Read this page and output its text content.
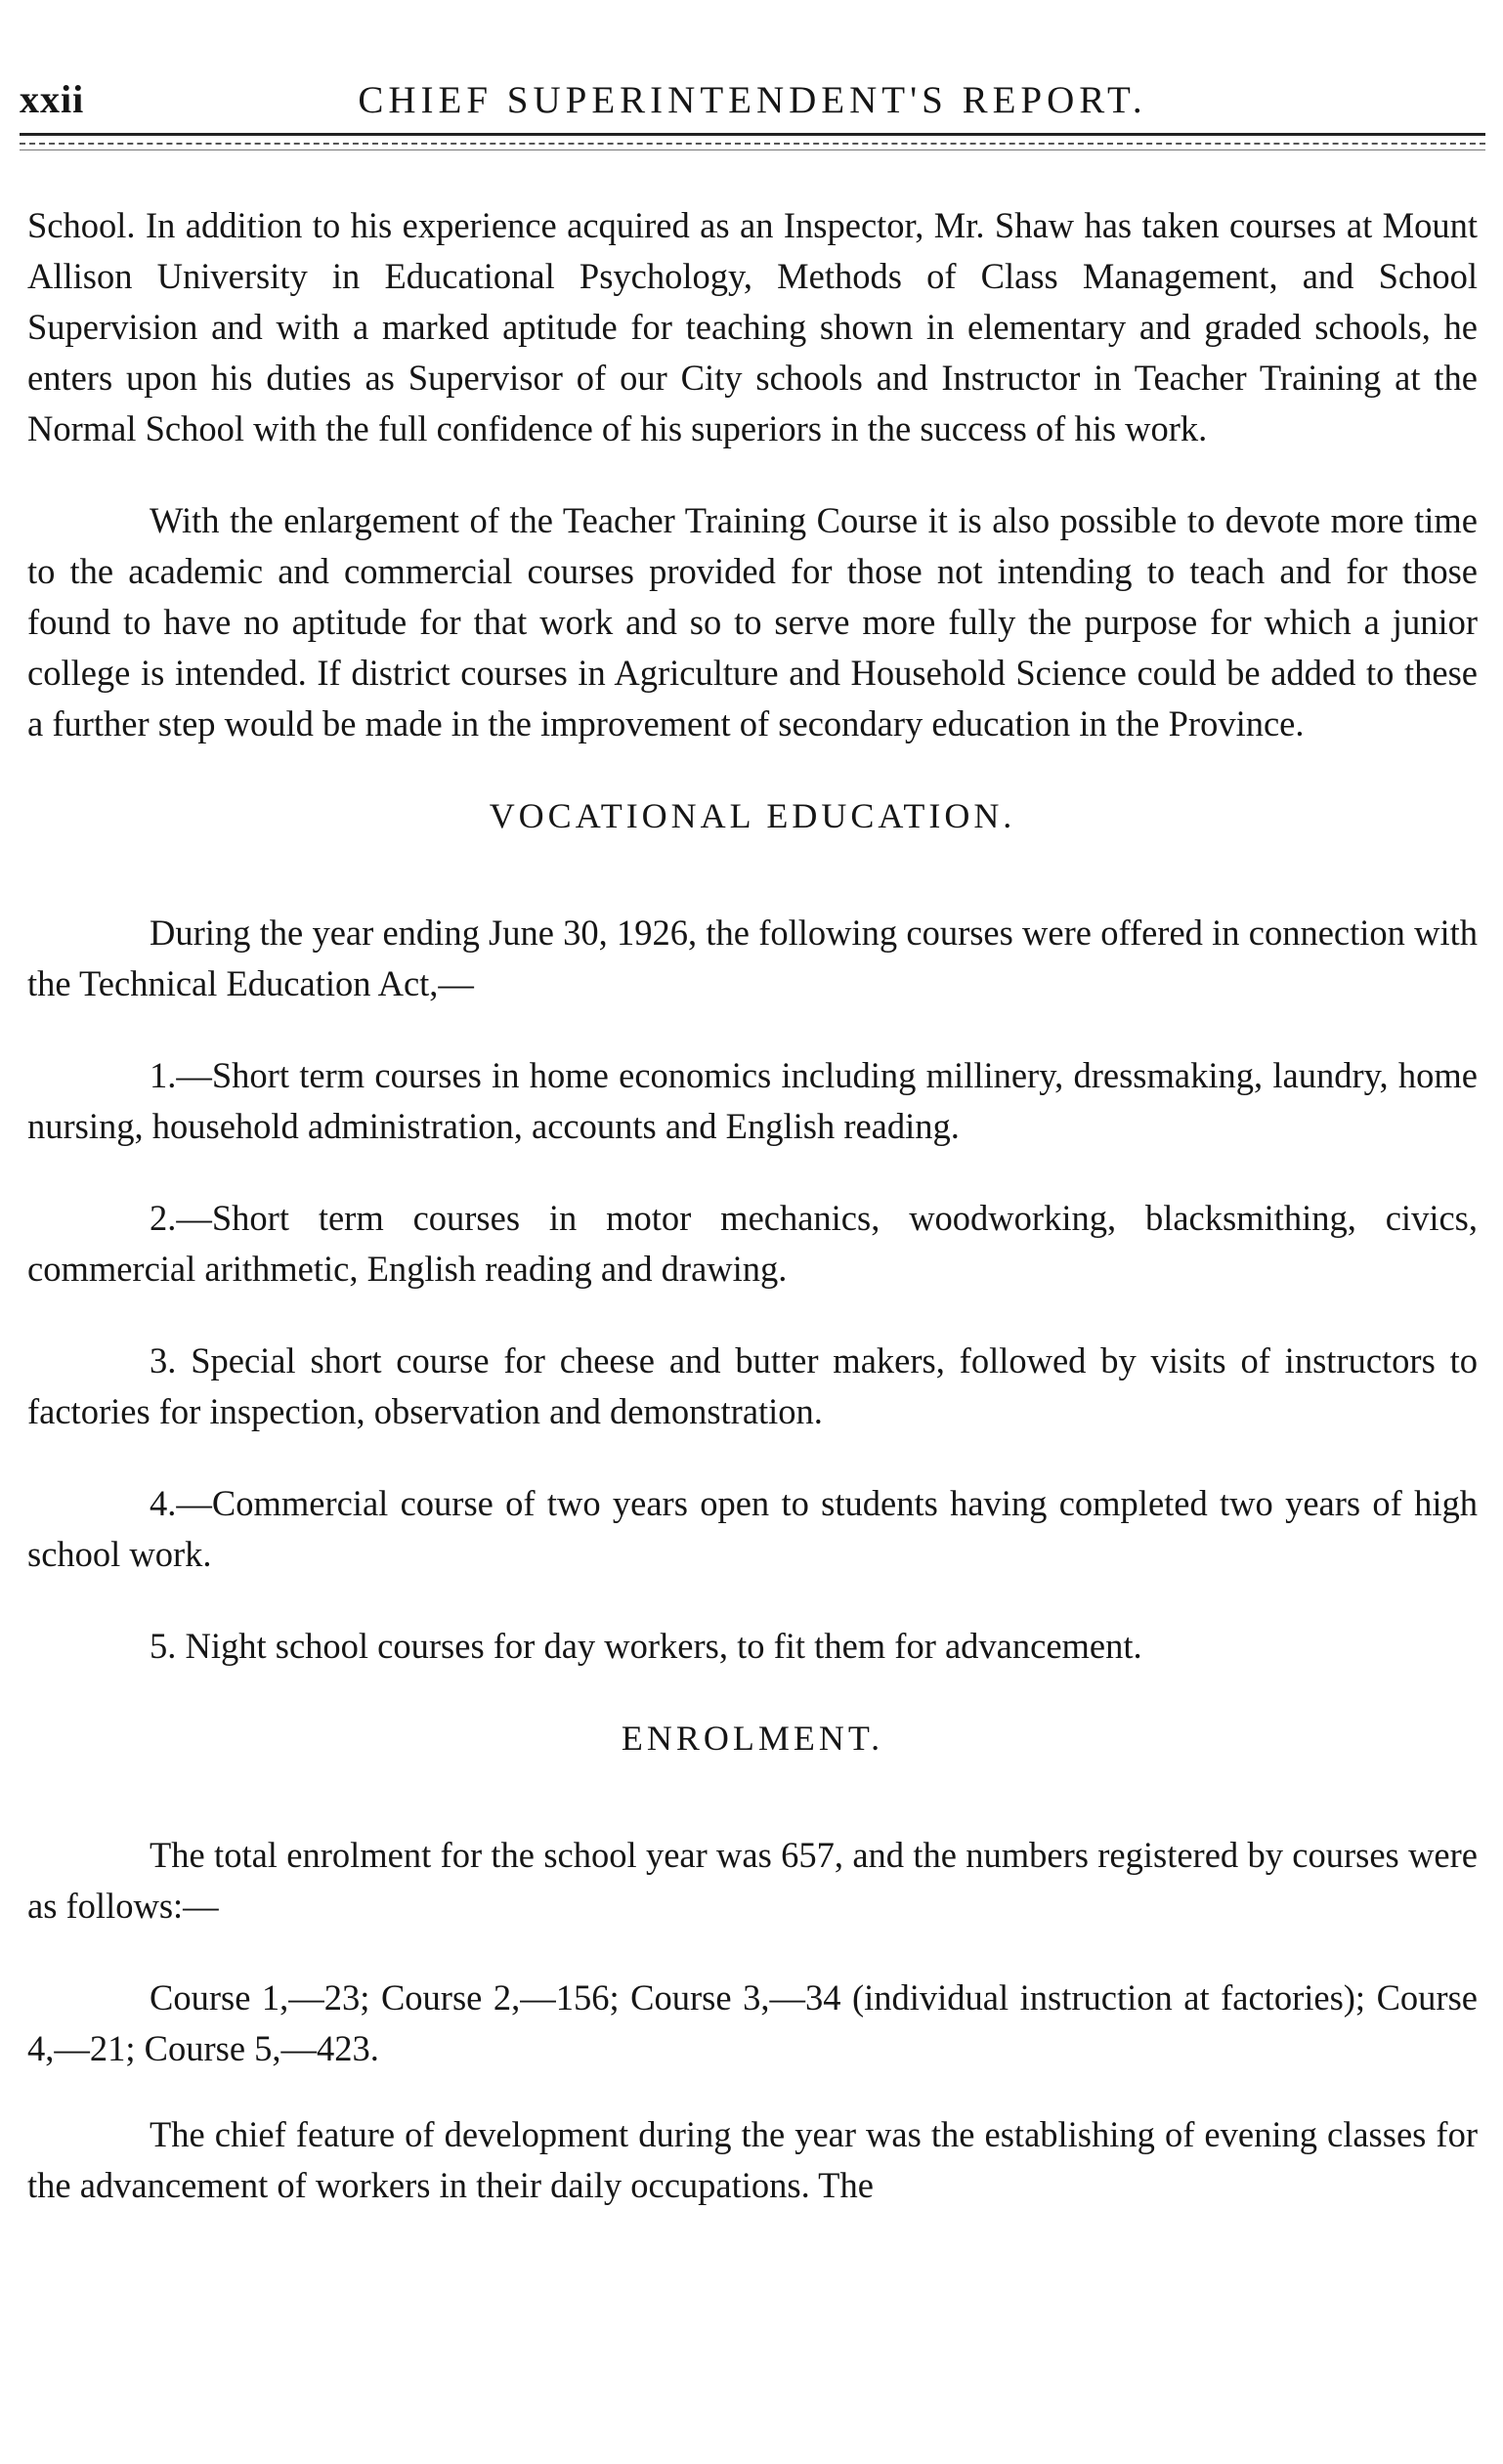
xxii	CHIEF SUPERINTENDENT'S REPORT.

School. In addition to his experience acquired as an Inspector, Mr. Shaw has taken courses at Mount Allison University in Educational Psychology, Methods of Class Management, and School Supervision and with a marked aptitude for teaching shown in elementary and graded schools, he enters upon his duties as Supervisor of our City schools and Instructor in Teacher Training at the Normal School with the full confidence of his superiors in the success of his work.

With the enlargement of the Teacher Training Course it is also possible to devote more time to the academic and commercial courses provided for those not intending to teach and for those found to have no aptitude for that work and so to serve more fully the purpose for which a junior college is intended. If district courses in Agriculture and Household Science could be added to these a further step would be made in the improvement of secondary education in the Province.

VOCATIONAL EDUCATION.

During the year ending June 30, 1926, the following courses were offered in connection with the Technical Education Act,—

1.—Short term courses in home economics including millinery, dressmaking, laundry, home nursing, household administration, accounts and English reading.

2.—Short term courses in motor mechanics, woodworking, blacksmithing, civics, commercial arithmetic, English reading and drawing.

3. Special short course for cheese and butter makers, followed by visits of instructors to factories for inspection, observation and demonstration.

4.—Commercial course of two years open to students having completed two years of high school work.

5. Night school courses for day workers, to fit them for advancement.

ENROLMENT.

The total enrolment for the school year was 657, and the numbers registered by courses were as follows:—

Course 1,—23; Course 2,—156; Course 3,—34 (individual instruction at factories); Course 4,—21; Course 5,—423.

The chief feature of development during the year was the establishing of evening classes for the advancement of workers in their daily occupations. The
